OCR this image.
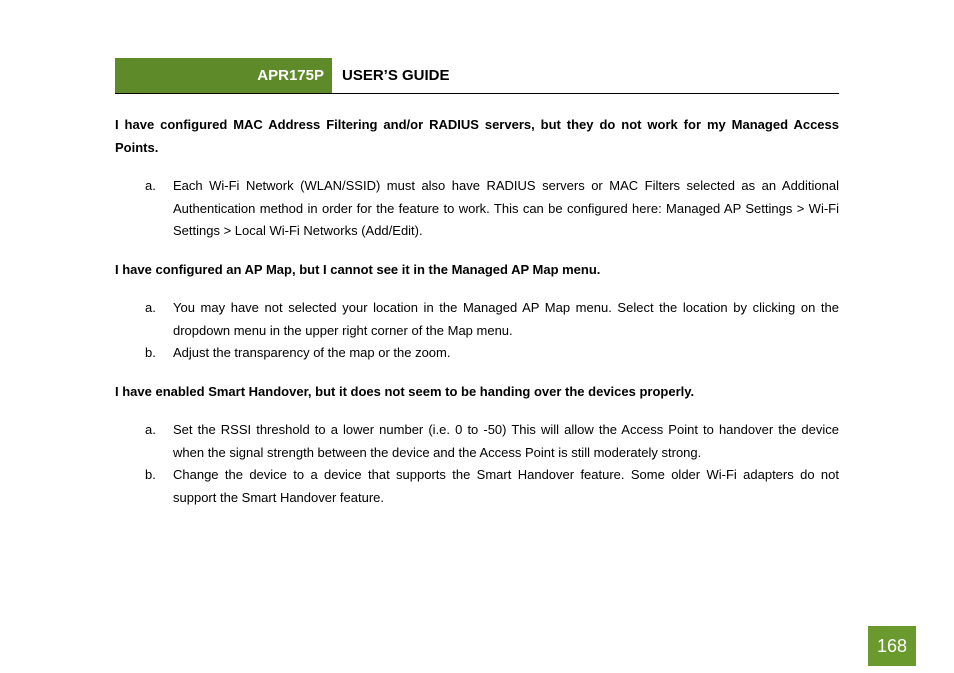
APR175P	USER’S GUIDE

I have configured MAC Address Filtering and/or RADIUS servers, but they do not work for my Managed Access Points.

a.	Each Wi-Fi Network (WLAN/SSID) must also have RADIUS servers or MAC Filters selected as an Additional Authentication method in order for the feature to work. This can be configured here: Managed AP Settings > Wi-Fi Settings > Local Wi-Fi Networks (Add/Edit).

I have configured an AP Map, but I cannot see it in the Managed AP Map menu.

a.	You may have not selected your location in the Managed AP Map menu. Select the location by clicking on the dropdown menu in the upper right corner of the Map menu.
b.	Adjust the transparency of the map or the zoom.

I have enabled Smart Handover, but it does not seem to be handing over the devices properly.

a.	Set the RSSI threshold to a lower number (i.e. 0 to -50) This will allow the Access Point to handover the device when the signal strength between the device and the Access Point is still moderately strong.
b.	Change the device to a device that supports the Smart Handover feature. Some older Wi-Fi adapters do not support the Smart Handover feature.
168
